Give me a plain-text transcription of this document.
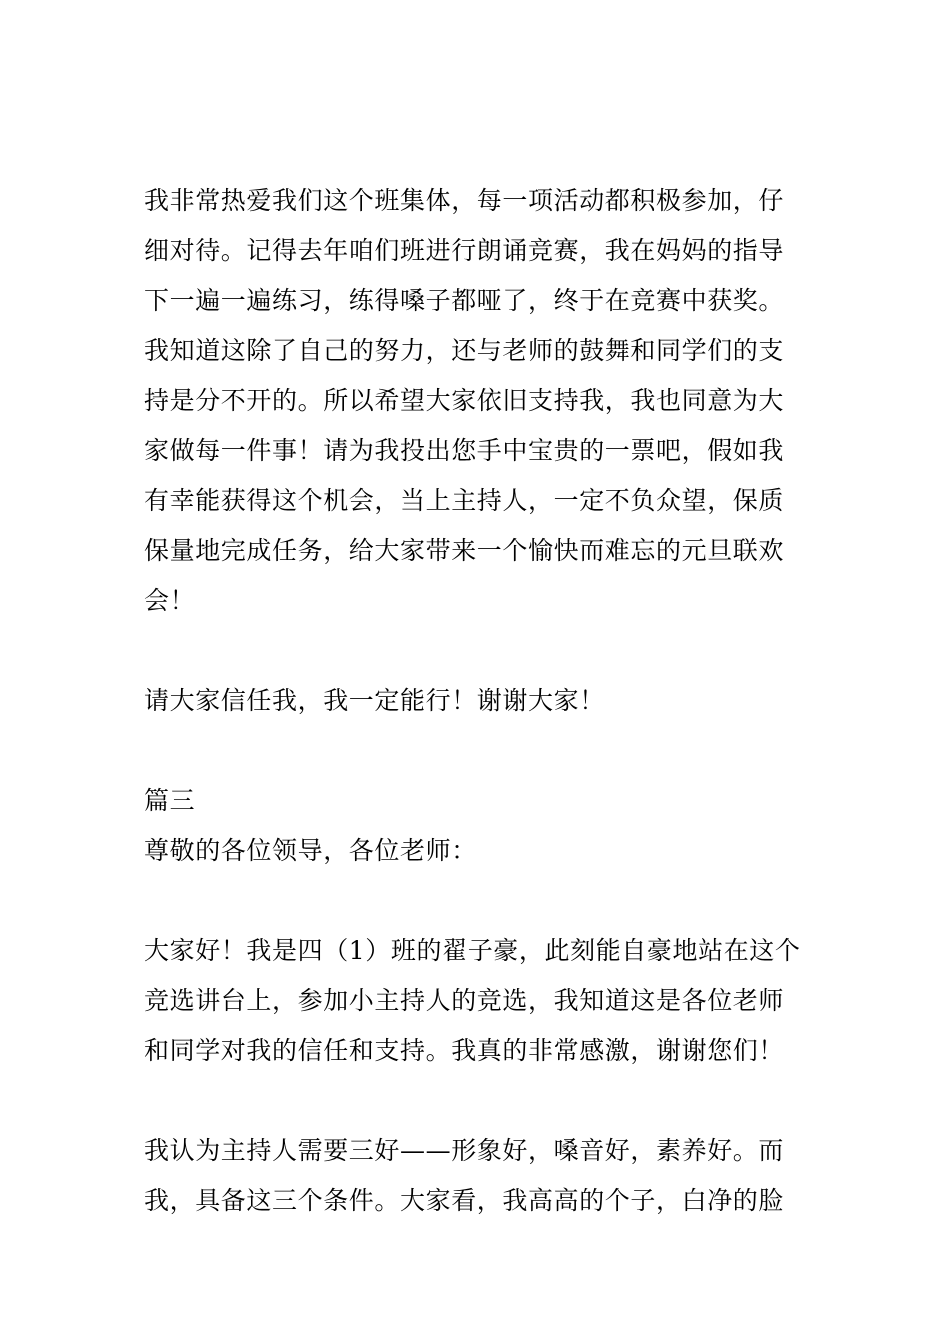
我非常热爱我们这个班集体，每一项活动都积极参加，仔
细对待。记得去年咱们班进行朗诵竞赛，我在妈妈的指导
下一遍一遍练习，练得嗓子都哑了，终于在竞赛中获奖。
我知道这除了自己的努力，还与老师的鼓舞和同学们的支
持是分不开的。所以希望大家依旧支持我，我也同意为大
家做每一件事！请为我投出您手中宝贵的一票吧，假如我
有幸能获得这个机会，当上主持人，一定不负众望，保质
保量地完成任务，给大家带来一个愉快而难忘的元旦联欢
会！
请大家信任我，我一定能行！谢谢大家！
篇三
尊敬的各位领导，各位老师：
大家好！我是四（1）班的翟子豪，此刻能自豪地站在这个
竞选讲台上，参加小主持人的竞选，我知道这是各位老师
和同学对我的信任和支持。我真的非常感激，谢谢您们！
我认为主持人需要三好——形象好，嗓音好，素养好。而
我，具备这三个条件。大家看，我高高的个子，白净的脸
